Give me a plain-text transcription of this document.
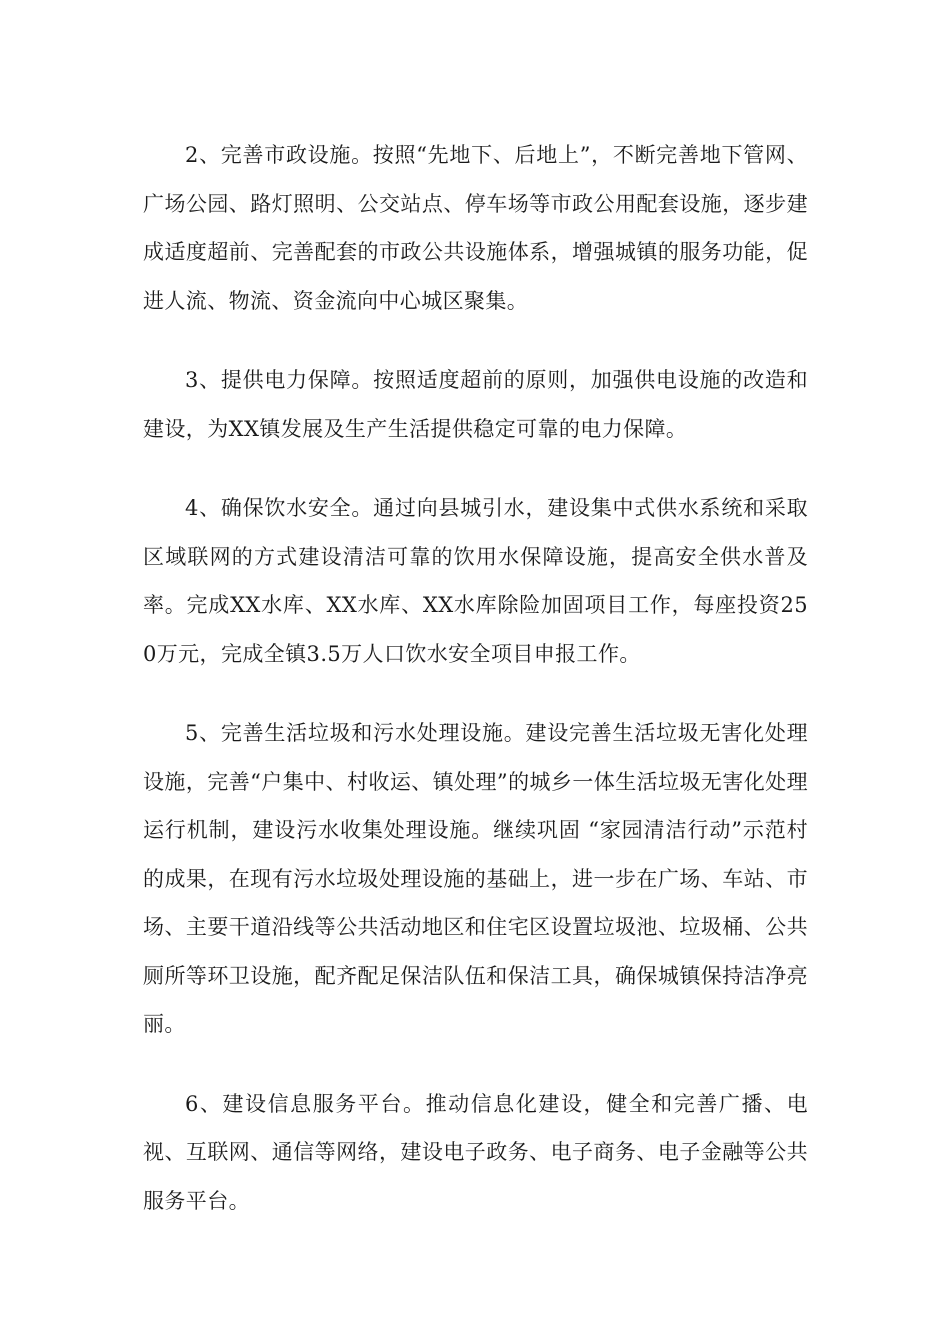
2、完善市政设施。按照“先地下、后地上”，不断完善地下管网、广场公园、路灯照明、公交站点、停车场等市政公用配套设施，逐步建成适度超前、完善配套的市政公共设施体系，增强城镇的服务功能，促进人流、物流、资金流向中心城区聚集。

3、提供电力保障。按照适度超前的原则，加强供电设施的改造和建设，为XX镇发展及生产生活提供稳定可靠的电力保障。

4、确保饮水安全。通过向县城引水，建设集中式供水系统和采取区域联网的方式建设清洁可靠的饮用水保障设施，提高安全供水普及率。完成XX水库、XX水库、XX水库除险加固项目工作，每座投资250万元，完成全镇3.5万人口饮水安全项目申报工作。

5、完善生活垃圾和污水处理设施。建设完善生活垃圾无害化处理设施，完善“户集中、村收运、镇处理”的城乡一体生活垃圾无害化处理运行机制，建设污水收集处理设施。继续巩固 “家园清洁行动”示范村的成果，在现有污水垃圾处理设施的基础上，进一步在广场、车站、市场、主要干道沿线等公共活动地区和住宅区设置垃圾池、垃圾桶、公共厕所等环卫设施，配齐配足保洁队伍和保洁工具，确保城镇保持洁净亮丽。

6、建设信息服务平台。推动信息化建设，健全和完善广播、电视、互联网、通信等网络，建设电子政务、电子商务、电子金融等公共服务平台。
